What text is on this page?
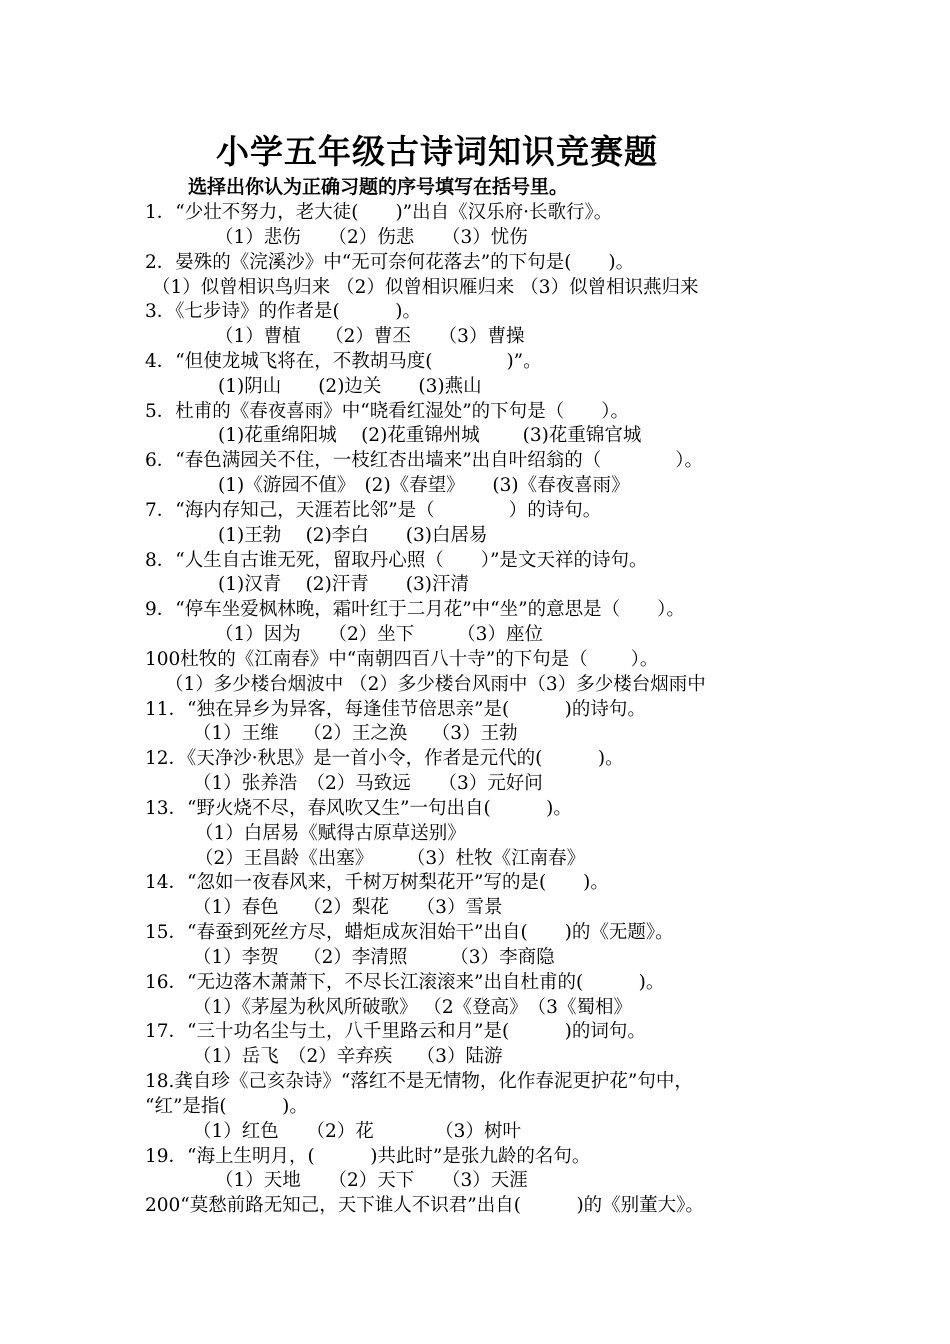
小学五年级古诗词知识竞赛题
选择出你认为正确习题的序号填写在括号里。
1．“少壮不努力，老大徒(　　)”出自《汉乐府·长歌行》。
（1）悲伤　　（2）伤悲　　（3）忧伤
2．晏殊的《浣溪沙》中“无可奈何花落去”的下句是(　　)。
（1）似曾相识鸟归来 （2）似曾相识雁归来 （3）似曾相识燕归来
3．《七步诗》的作者是(　　　)。
（1）曹植　 （2）曹丕　　（3）曹操
4．“但使龙城飞将在，不教胡马度(　　　　)”。
(1)阴山　　(2)边关　　(3)燕山
5．杜甫的《春夜喜雨》中“晓看红湿处”的下句是（　　）。
(1)花重绵阳城　 (2)花重锦州城　　 (3)花重锦官城
6．“春色满园关不住，一枝红杏出墙来”出自叶绍翁的（　　　　）。
(1)《游园不值》　(2)《春望》　　(3)《春夜喜雨》
7．“海内存知己，天涯若比邻”是（　　　　）的诗句。
(1)王勃　 (2)李白　　(3)白居易
8．“人生自古谁无死，留取丹心照（　　）”是文天祥的诗句。
(1)汉青　 (2)汗青　　(3)汗清
9．“停车坐爱枫林晚，霜叶红于二月花”中“坐”的意思是（　　）。
（1）因为　　（2）坐下　　 （3）座位
100杜牧的《江南春》中“南朝四百八十寺”的下句是（　　 ）。
（1）多少楼台烟波中 （2）多少楼台风雨中（3）多少楼台烟雨中
11．“独在异乡为异客，每逢佳节倍思亲”是(　　　)的诗句。
（1）王维　 （2）王之涣　 （3）王勃
12．《天净沙·秋思》是一首小令，作者是元代的(　　　)。
（1）张养浩　（2）马致远　　（3）元好问
13．“野火烧不尽，春风吹又生”一句出自(　　　)。
（1）白居易《赋得古原草送别》
（2）王昌龄《出塞》　　 （3）杜牧《江南春》
14．“忽如一夜春风来，千树万树梨花开”写的是(　　)。
（1）春色　 （2）梨花　　（3）雪景
15．“春蚕到死丝方尽，蜡炬成灰泪始干”出自(　　)的《无题》。
（1）李贺　 （2）李清照　　 （3）李商隐
16．“无边落木萧萧下，不尽长江滚滚来”出自杜甫的(　　　)。
（1）《茅屋为秋风所破歌》 （2《登高》　（3《蜀相》
17．“三十功名尘与土，八千里路云和月”是(　　　)的词句。
（1）岳飞　（2）辛弃疾　 （3）陆游
18.龚自珍《己亥杂诗》“落红不是无情物，化作春泥更护花”句中，
“红”是指(　　　)。
（1）红色　　（2）花　　　 （3）树叶
19．“海上生明月，(　　　)共此时”是张九龄的名句。
（1）天地　　（2）天下　　（3）天涯
200“莫愁前路无知己，天下谁人不识君”出自(　　　)的《别董大》。
